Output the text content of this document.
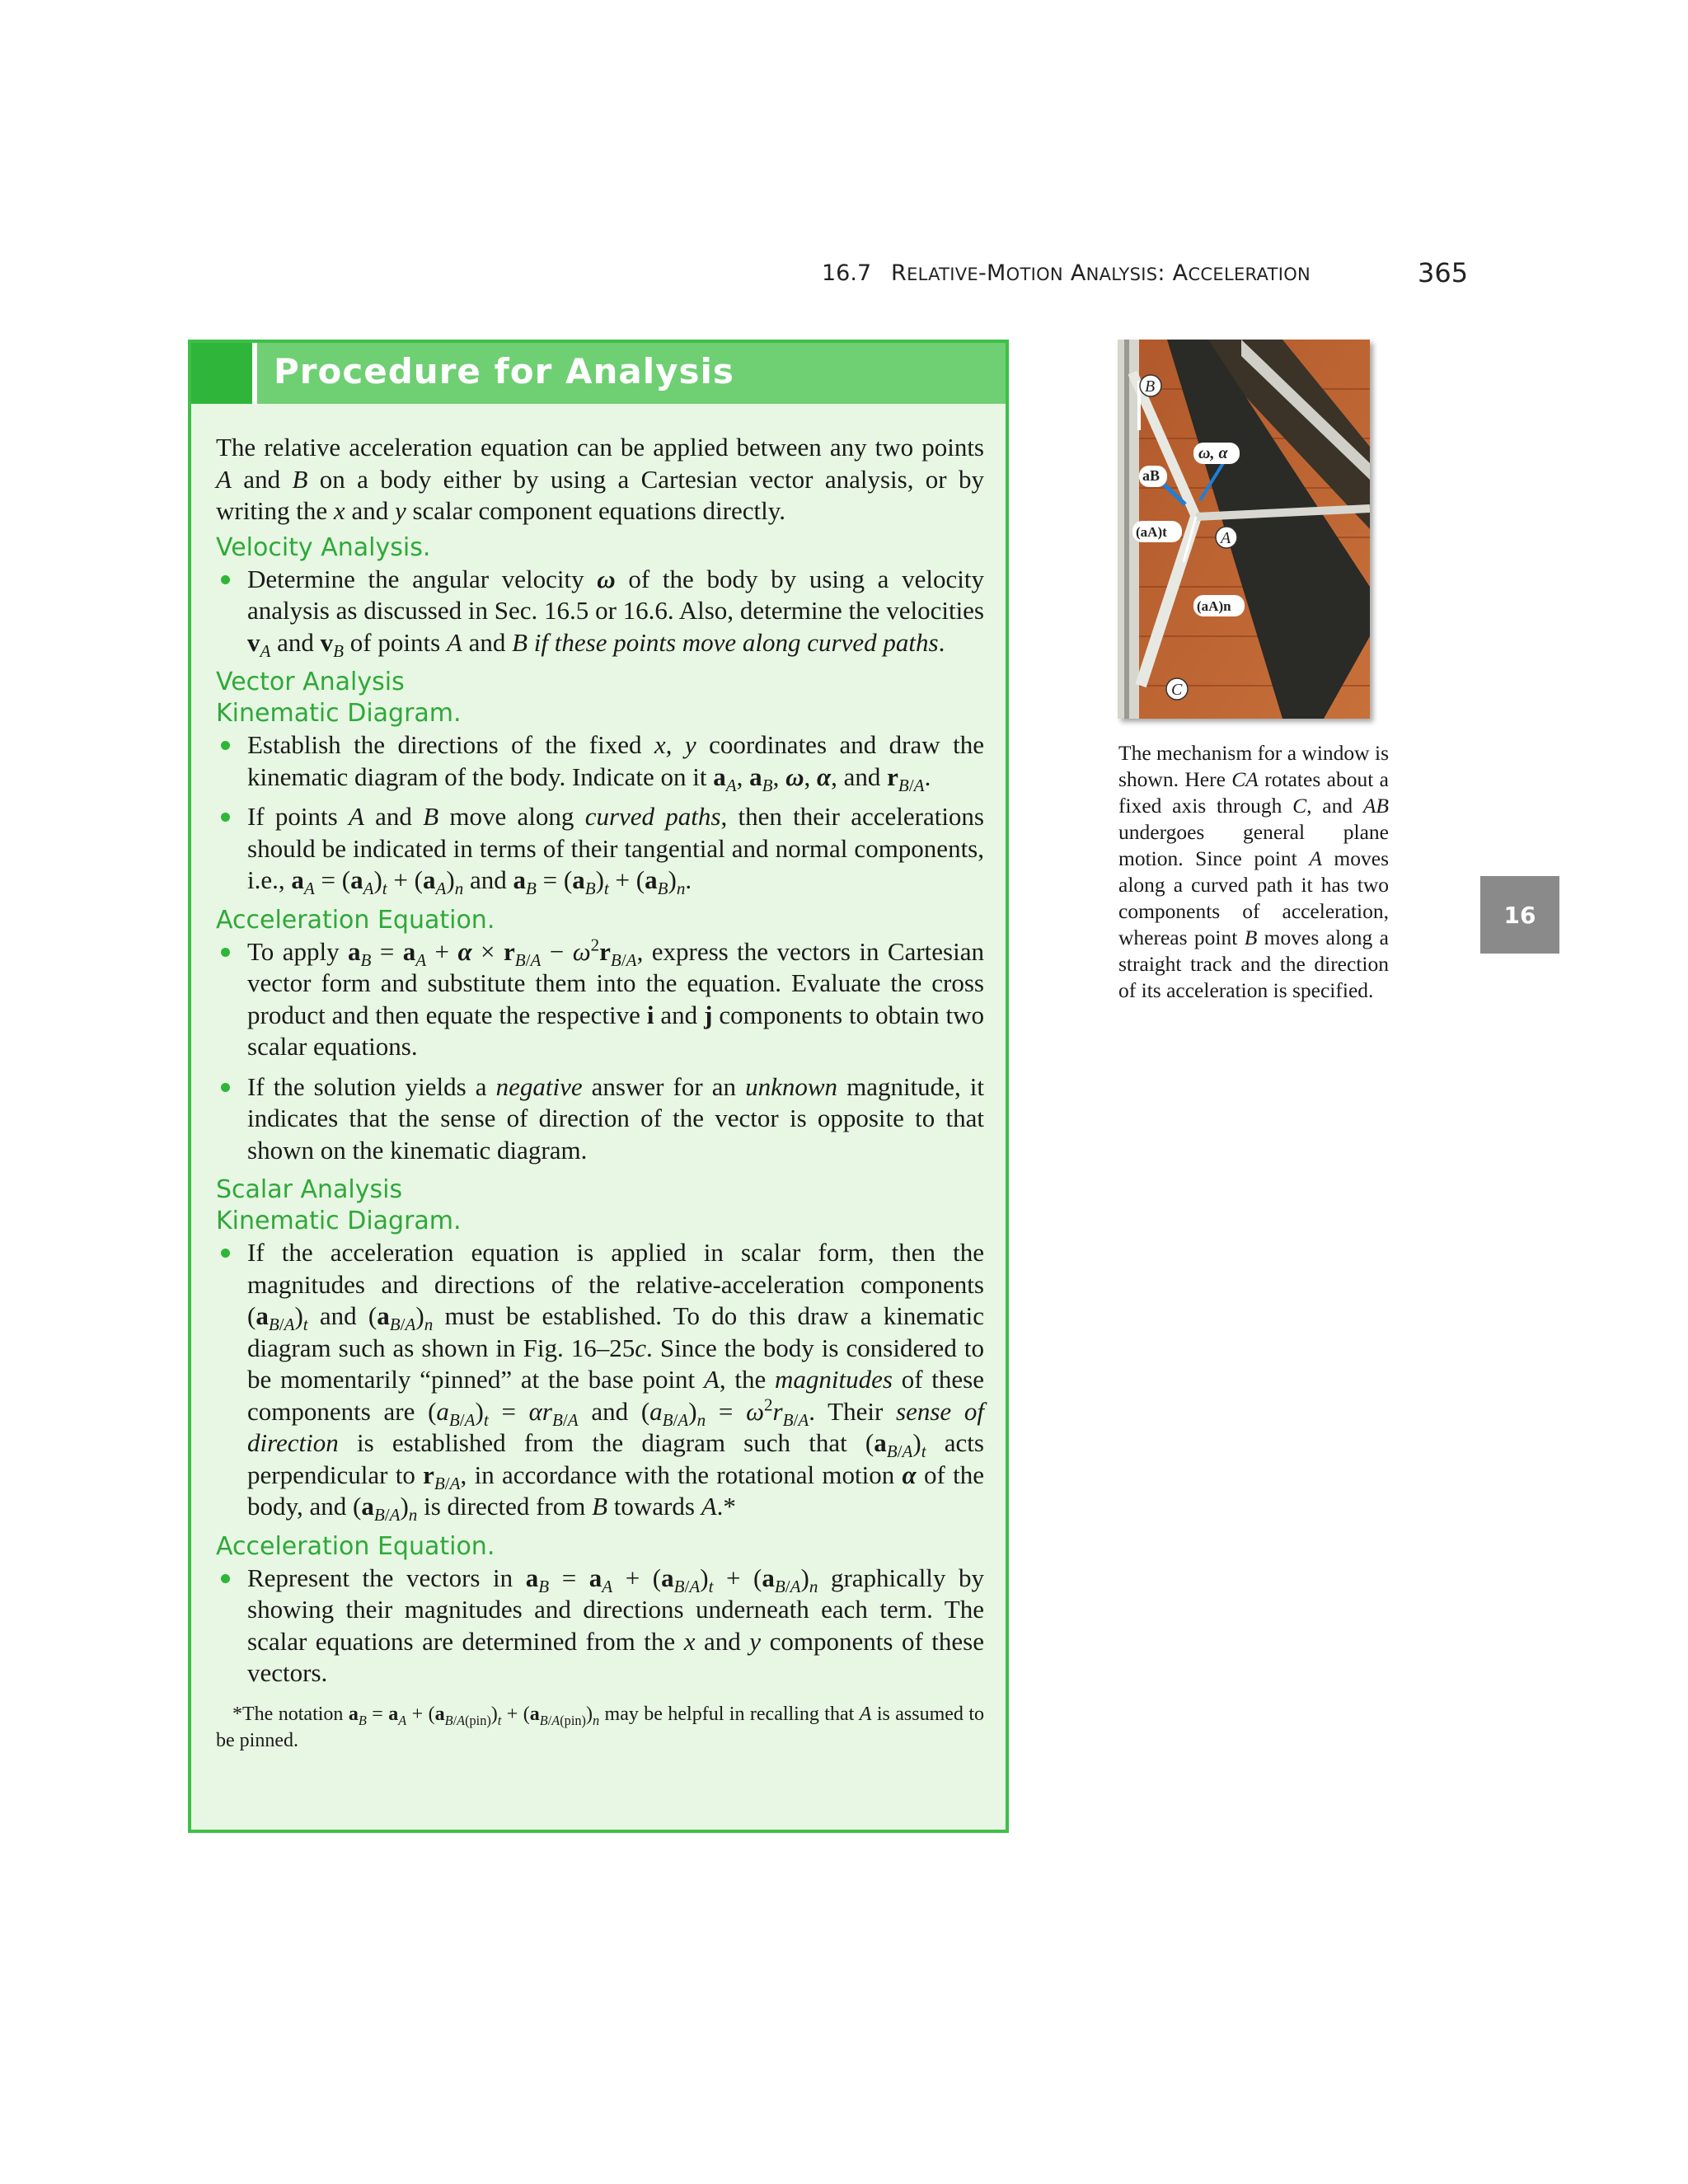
16.7 RELATIVE-MOTION ANALYSIS: ACCELERATION	365
Procedure for Analysis

The relative acceleration equation can be applied between any two points A and B on a body either by using a Cartesian vector analysis, or by writing the x and y scalar component equations directly.

Velocity Analysis.
Determine the angular velocity ω of the body by using a velocity analysis as discussed in Sec. 16.5 or 16.6. Also, determine the velocities $v_A$ and $v_B$ of points A and B if these points move along curved paths.
Vector Analysis
Kinematic Diagram.
Establish the directions of the fixed x, y coordinates and draw the kinematic diagram of the body. Indicate on it $a_A$, $a_B$, ω, α, and $r_{B/A}$.
If points A and B move along curved paths, then their accelerations should be indicated in terms of their tangential and normal components, i.e., $a_A = (a_A)_t + (a_A)_n$ and $a_B = (a_B)_t + (a_B)_n$.
Acceleration Equation.
To apply $a_B = a_A + \alpha \times r_{B/A} - \omega^2r_{B/A}$, express the vectors in Cartesian vector form and substitute them into the equation. Evaluate the cross product and then equate the respective i and j components to obtain two scalar equations.
If the solution yields a negative answer for an unknown magnitude, it indicates that the sense of direction of the vector is opposite to that shown on the kinematic diagram.
Scalar Analysis
Kinematic Diagram.
If the acceleration equation is applied in scalar form, then the magnitudes and directions of the relative-acceleration components $(a_{B/A})_t$ and $(a_{B/A})_n$ must be established. To do this draw a kinematic diagram such as shown in Fig. 16–25c. Since the body is considered to be momentarily “pinned” at the base point A, the magnitudes of these components are $(a_{B/A})_t = \alpha r_{B/A}$ and $(a_{B/A})_n = \omega^2r_{B/A}$. Their sense of direction is established from the diagram such that $(a_{B/A})_t$ acts perpendicular to $r_{B/A}$, in accordance with the rotational motion α of the body, and $(a_{B/A})_n$ is directed from B towards A.*
Acceleration Equation.
Represent the vectors in $a_B = a_A + (a_{B/A})_t + (a_{B/A})_n$ graphically by showing their magnitudes and directions underneath each term. The scalar equations are determined from the x and y components of these vectors.
*The notation $a_B = a_A + (a_{B/A(pin)})_t + (a_{B/A(pin)})_n$ may be helpful in recalling that A is assumed to be pinned.
B
ω, α
aB
(aA)t	A
(aA)n
C
The mechanism for a window is shown. Here CA rotates about a fixed axis through C, and AB undergoes general plane motion. Since point A moves along a curved path it has two components of acceleration, whereas point B moves along a straight track and the direction of its acceleration is specified.
16
